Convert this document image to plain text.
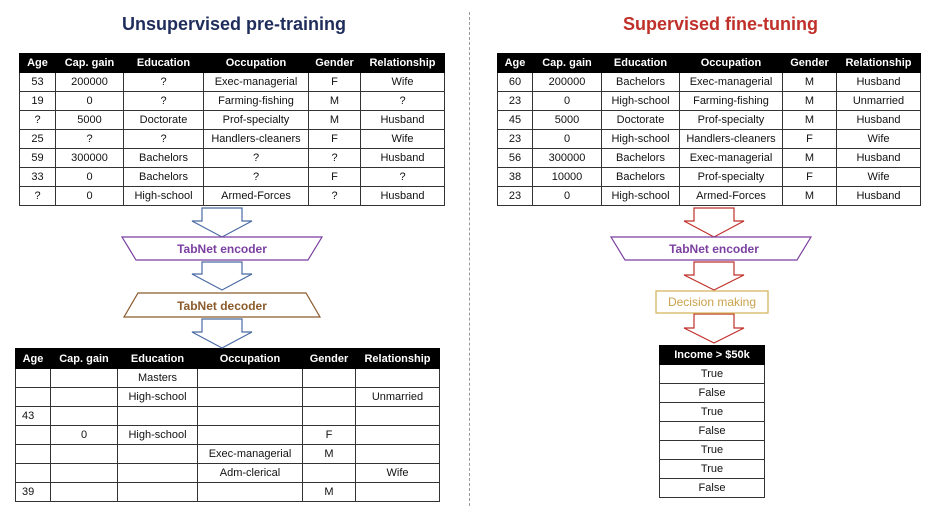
Unsupervised pre-training	Supervised fine-tuning
Age	Cap. gain	Education	Occupation	Gender	Relationship
53	200000	?	Exec-managerial	F	Wife
19	0	?	Farming-fishing	M	?
?	5000	Doctorate	Prof-specialty	M	Husband
25	?	?	Handlers-cleaners	F	Wife
59	300000	Bachelors	?	?	Husband
33	0	Bachelors	?	F	?
?	0	High-school	Armed-Forces	?	Husband
Age	Cap. gain	Education	Occupation	Gender	Relationship
		Masters			
		High-school			Unmarried
43					
	0	High-school		F	
			Exec-managerial	M	
			Adm-clerical		Wife
39				M	
Age	Cap. gain	Education	Occupation	Gender	Relationship
60	200000	Bachelors	Exec-managerial	M	Husband
23	0	High-school	Farming-fishing	M	Unmarried
45	5000	Doctorate	Prof-specialty	M	Husband
23	0	High-school	Handlers-cleaners	F	Wife
56	300000	Bachelors	Exec-managerial	M	Husband
38	10000	Bachelors	Prof-specialty	F	Wife
23	0	High-school	Armed-Forces	M	Husband
Income > $50k
True
False
True
False
True
True
False
TabNet encoder
TabNet decoder
TabNet encoder
Decision making
